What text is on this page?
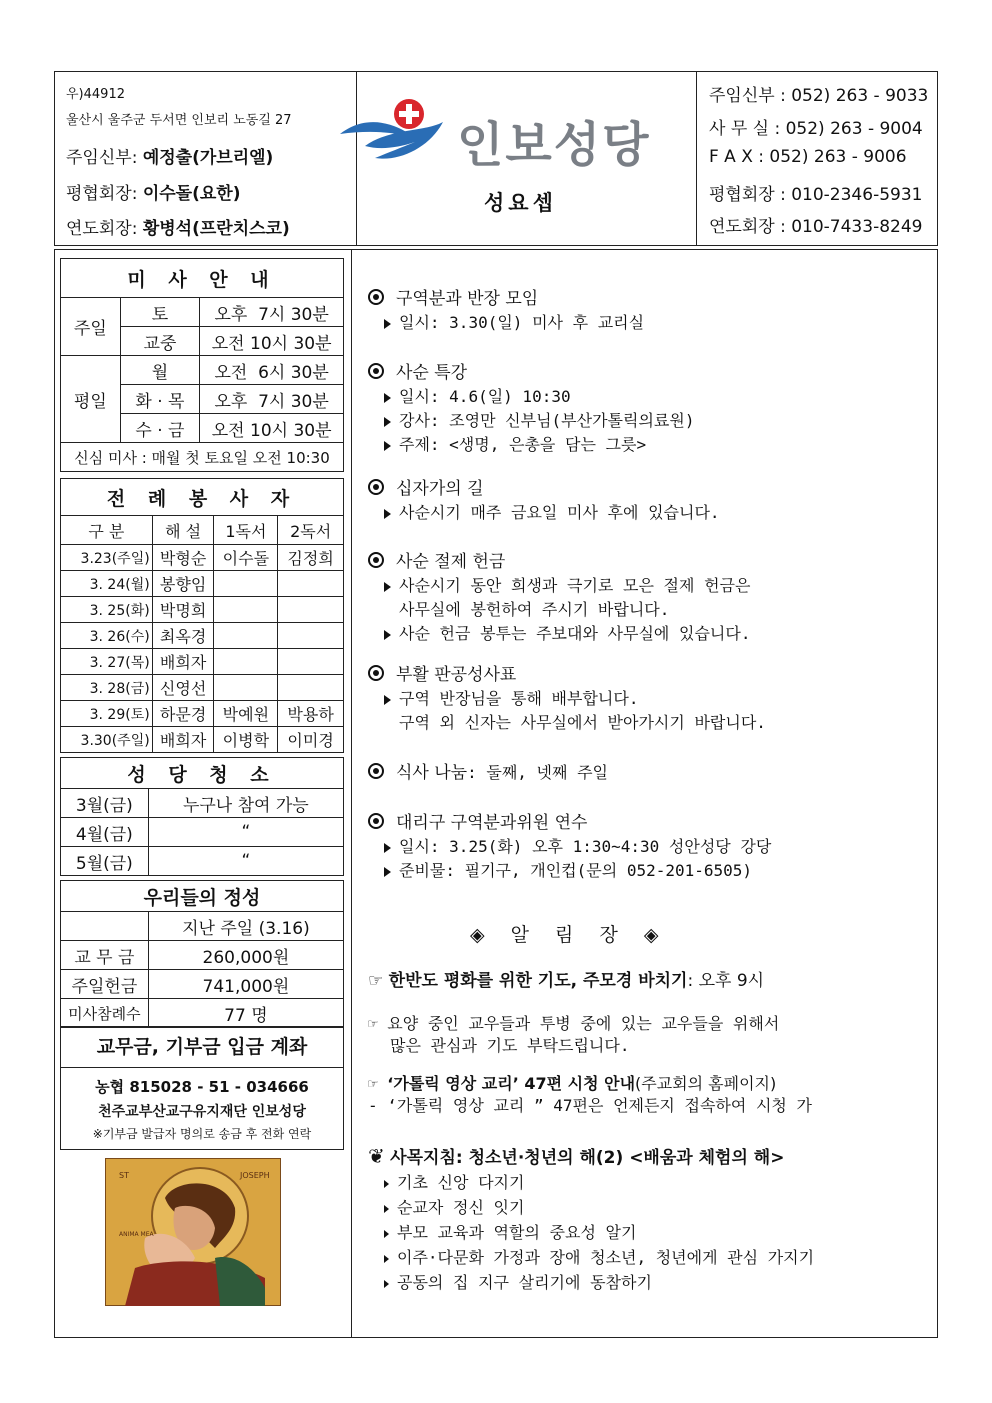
우)44912
울산시 울주군 두서면 인보리 노동길 27
주임신부: 예정출(가브리엘)
평협회장: 이수돌(요한)
연도회장: 황병석(프란치스코)
인보성당
성요셉
주임신부 : 052) 263 - 9033
사 무 실 : 052) 263 - 9004
F A X : 052) 263 - 9006
평협회장 : 010-2346-5931
연도회장 : 010-7433-8249
미 사 안 내		
주일	토	오후  7시 30분
	교중	오전 10시 30분
평일	월	오전  6시 30분
	화 · 목	오후  7시 30분
	수 · 금	오전 10시 30분
신심 미사 : 매월 첫 토요일 오전 10:30		
전 례 봉 사 자			
구 분	해 설	1독서	2독서
3.23(주일)	박형순	이수돌	김정희
3. 24(월)	봉향임		
3. 25(화)	박명희		
3. 26(수)	최옥경		
3. 27(목)	배희자		
3. 28(금)	신영선		
3. 29(토)	하문경	박예원	박용하
3.30(주일)	배희자	이병학	이미경
성 당 청 소	
3월(금)	누구나 참여 가능
4월(금)	“
5월(금)	“
우리들의 정성	
	지난 주일 (3.16)
교 무 금	260,000원
주일헌금	741,000원
미사참례수	77 명
교무금, 기부금 입금 계좌
농협 815028 - 51 - 034666
천주교부산교구유지재단 인보성당
※기부금 발급자 명의로 송금 후 전화 연락
ST	JOSEPH
ANIMA MEA
구역분과 반장 모임
일시: 3.30(일) 미사 후 교리실
사순 특강
일시: 4.6(일) 10:30
강사: 조영만 신부님(부산가톨릭의료원)
주제: <생명, 은총을 담는 그릇>
십자가의 길
사순시기 매주 금요일 미사 후에 있습니다.
사순 절제 헌금
사순시기 동안 희생과 극기로 모은 절제 헌금은
사무실에 봉헌하여 주시기 바랍니다.
사순 헌금 봉투는 주보대와 사무실에 있습니다.
부활 판공성사표
구역 반장님을 통해 배부합니다.
구역 외 신자는 사무실에서 받아가시기 바랍니다.
식사 나눔: 둘째, 넷째 주일
대리구 구역분과위원 연수
일시: 3.25(화) 오후 1:30~4:30 성안성당 강당
준비물: 필기구, 개인컵(문의 052-201-6505)
◈ 알 림 장 ◈
☞ 한반도 평화를 위한 기도, 주모경 바치기: 오후 9시
☞ 요양 중인 교우들과 투병 중에 있는 교우들을 위해서
많은 관심과 기도 부탁드립니다.
☞ ‘가톨릭 영상 교리’ 47편 시청 안내(주교회의 홈페이지)
- ‘가톨릭 영상 교리 ” 47편은 언제든지 접속하여 시청 가
❦ 사목지침: 청소년·청년의 해(2) <배움과 체험의 해>
기초 신앙 다지기
순교자 정신 잇기
부모 교육과 역할의 중요성 알기
이주·다문화 가정과 장애 청소년, 청년에게 관심 가지기
공동의 집 지구 살리기에 동참하기
